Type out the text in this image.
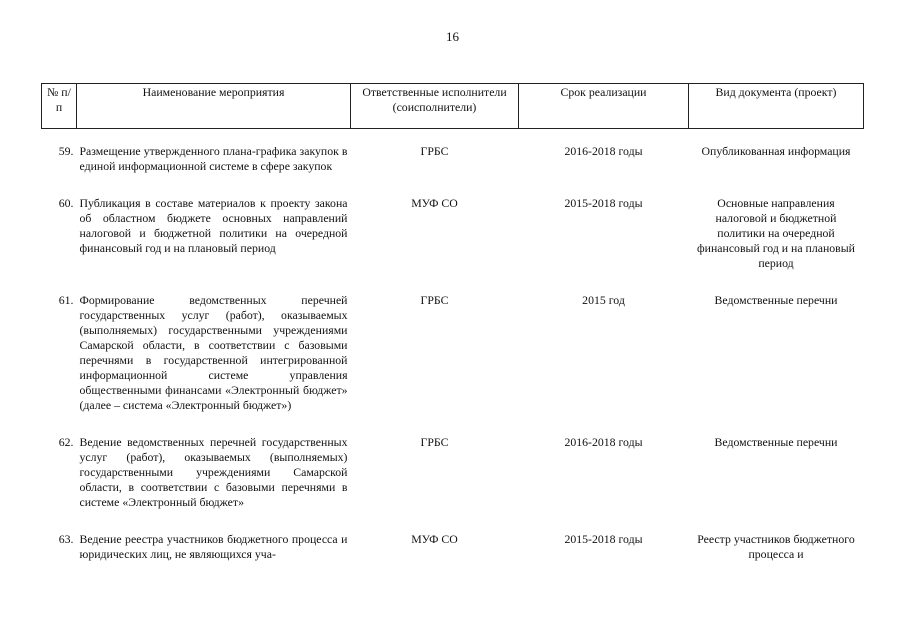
16
№ п/п	Наименование мероприятия	Ответственные исполнители (соисполнители)	Срок реализации	Вид документа (проект)

59.	Размещение утвержденного плана-графика закупок в единой информационной системе в сфере закупок	ГРБС	2016-2018 годы	Опубликованная информация

60.	Публикация в составе материалов к проекту закона об областном бюджете основных направлений налоговой и бюджетной политики на очередной финансовый год и на плановый период	МУФ СО	2015-2018 годы	Основные направления налоговой и бюджетной политики на очередной финансовый год и на плановый период

61.	Формирование ведомственных перечней государственных услуг (работ), оказываемых (выполняемых) государственными учреждениями Самарской области, в соответствии с базовыми перечнями в государственной интегрированной информационной системе управления общественными финансами «Электронный бюджет» (далее – система «Электронный бюджет»)	ГРБС	2015 год	Ведомственные перечни

62.	Ведение ведомственных перечней государственных услуг (работ), оказываемых (выполняемых) государственными учреждениями Самарской области, в соответствии с базовыми перечнями в системе «Электронный бюджет»	ГРБС	2016-2018 годы	Ведомственные перечни

63.	Ведение реестра участников бюджетного процесса и юридических лиц, не являющихся уча-	МУФ СО	2015-2018 годы	Реестр участников бюджетного процесса и
